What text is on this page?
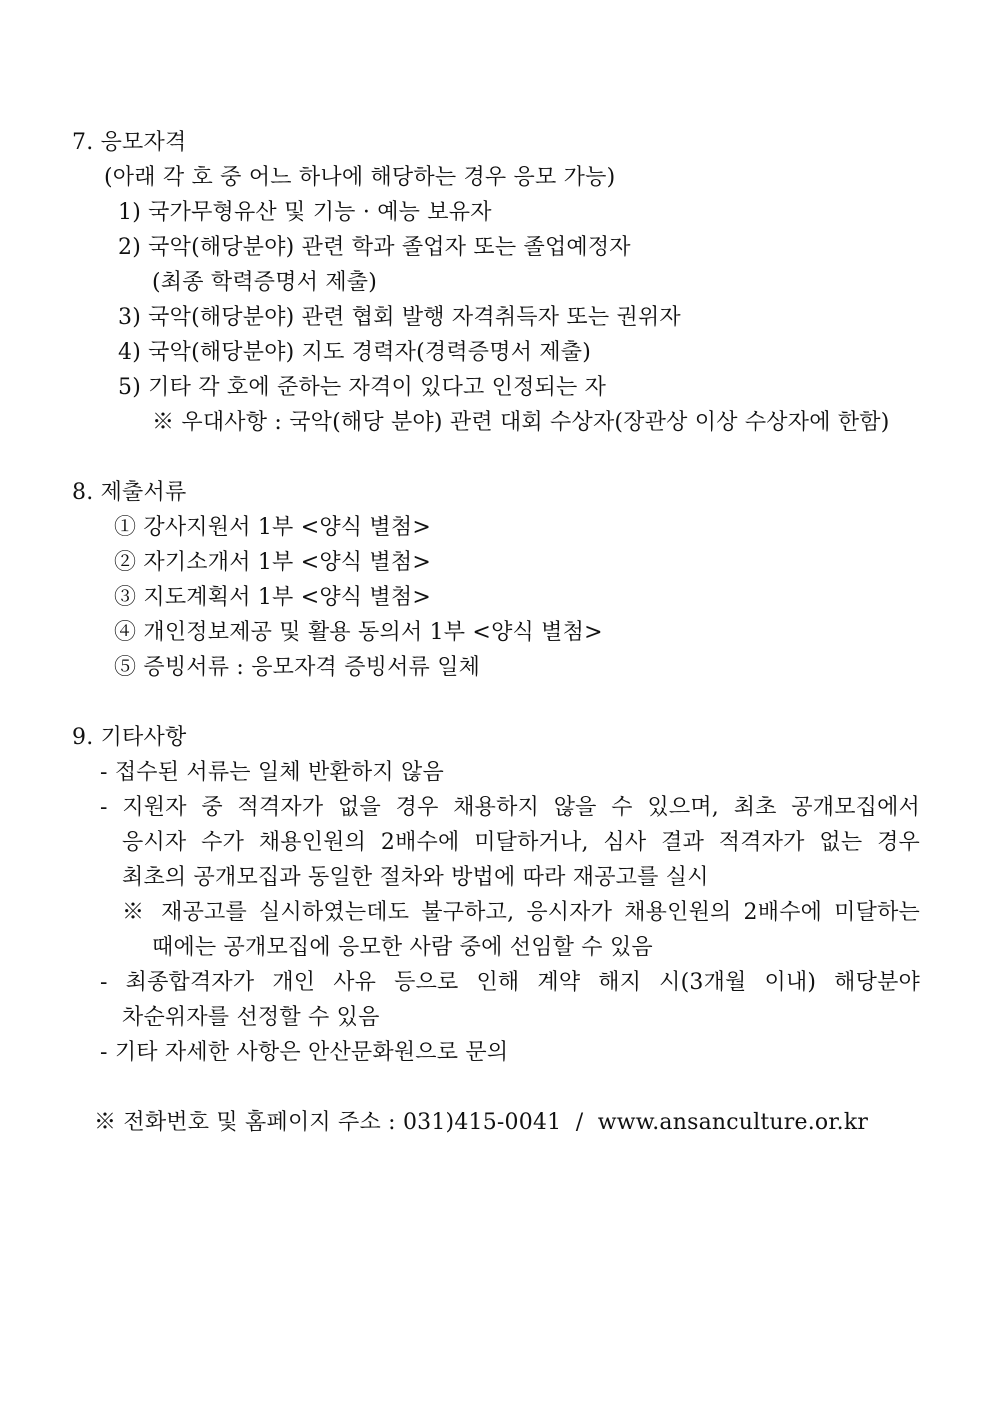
7. 응모자격
(아래 각 호 중 어느 하나에 해당하는 경우 응모 가능)
1) 국가무형유산 및 기능 · 예능 보유자
2) 국악(해당분야) 관련 학과 졸업자 또는 졸업예정자
(최종 학력증명서 제출)
3) 국악(해당분야) 관련 협회 발행 자격취득자 또는 권위자
4) 국악(해당분야) 지도 경력자(경력증명서 제출)
5) 기타 각 호에 준하는 자격이 있다고 인정되는 자
※ 우대사항 : 국악(해당 분야) 관련 대회 수상자(장관상 이상 수상자에 한함)
8. 제출서류
① 강사지원서 1부 <양식 별첨>
② 자기소개서 1부 <양식 별첨>
③ 지도계획서 1부 <양식 별첨>
④ 개인정보제공 및 활용 동의서 1부 <양식 별첨>
⑤ 증빙서류 : 응모자격 증빙서류 일체
9. 기타사항
- 접수된 서류는 일체 반환하지 않음
- 지원자 중 적격자가 없을 경우 채용하지 않을 수 있으며, 최초 공개모집에서
응시자 수가 채용인원의 2배수에 미달하거나, 심사 결과 적격자가 없는 경우
최초의 공개모집과 동일한 절차와 방법에 따라 재공고를 실시
※ 재공고를 실시하였는데도 불구하고, 응시자가 채용인원의 2배수에 미달하는
때에는 공개모집에 응모한 사람 중에 선임할 수 있음
- 최종합격자가 개인 사유 등으로 인해 계약 해지 시(3개월 이내) 해당분야
차순위자를 선정할 수 있음
- 기타 자세한 사항은 안산문화원으로 문의
※ 전화번호 및 홈페이지 주소 : 031)415-0041  /  www.ansanculture.or.kr
